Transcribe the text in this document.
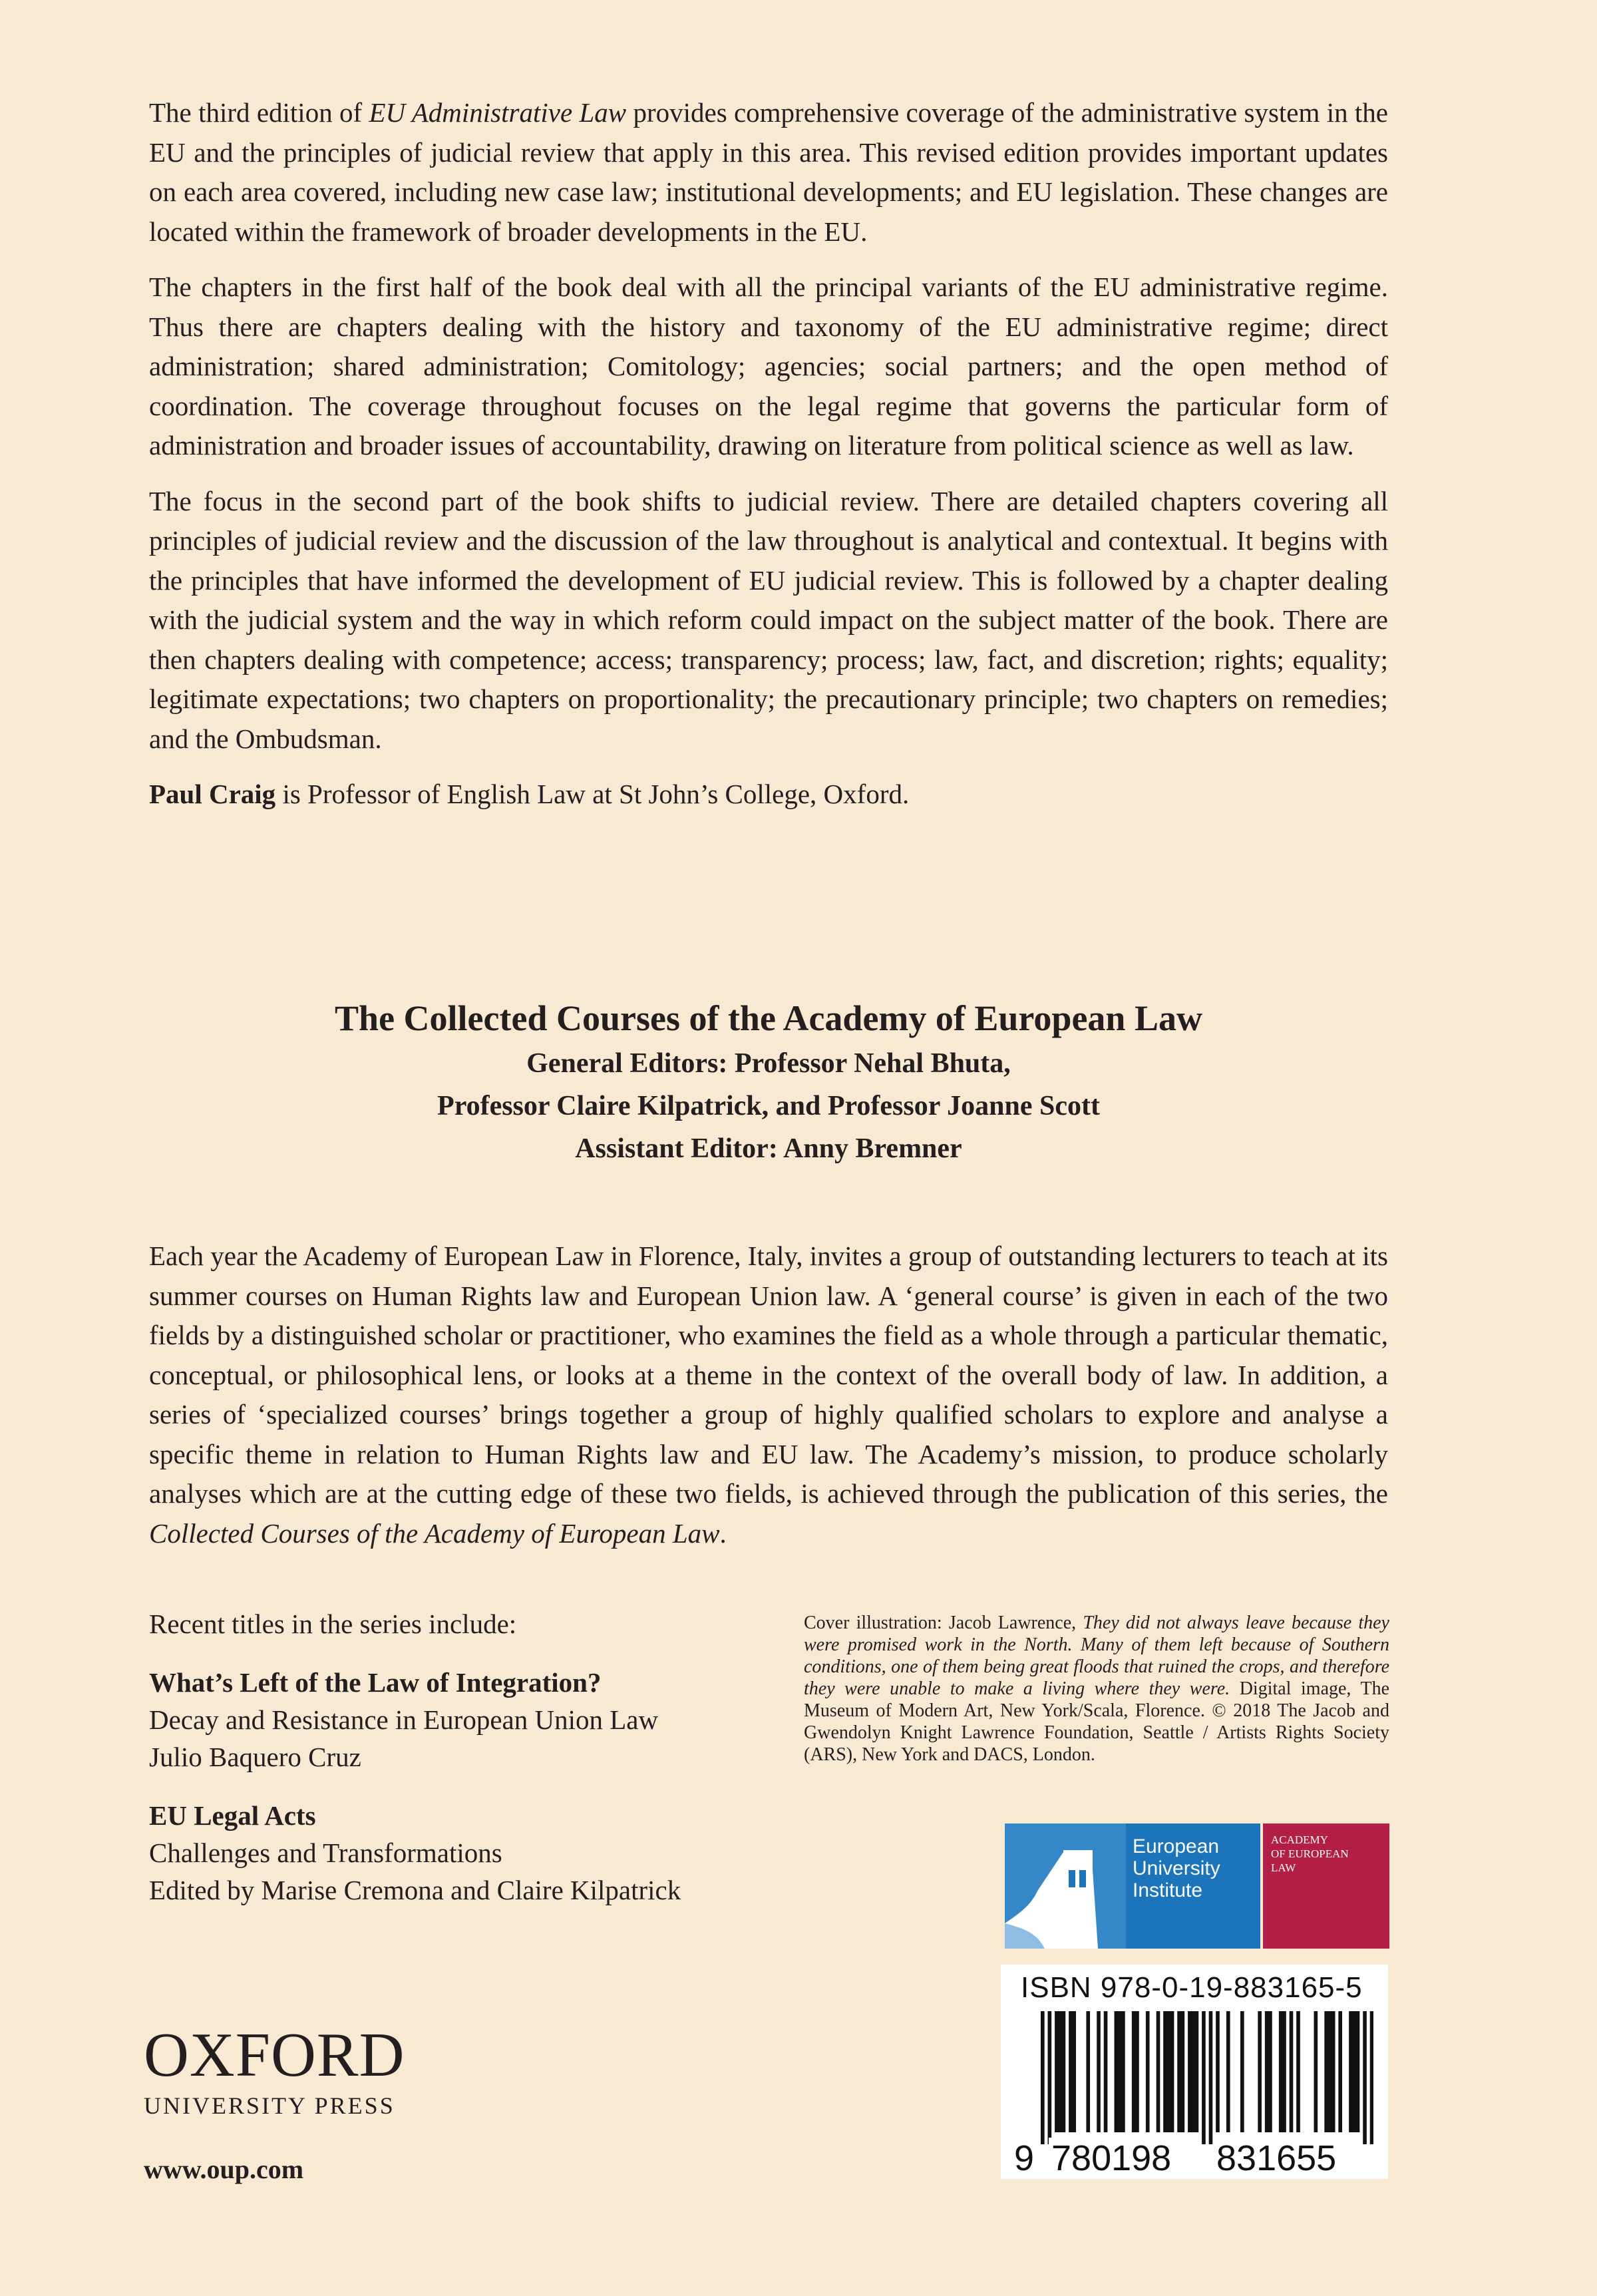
The third edition of EU Administrative Law provides comprehensive coverage of the administrative system in the EU and the principles of judicial review that apply in this area. This revised edition provides important updates on each area covered, including new case law; institutional developments; and EU legislation. These changes are located within the framework of broader developments in the EU.

The chapters in the first half of the book deal with all the principal variants of the EU administrative regime. Thus there are chapters dealing with the history and taxonomy of the EU administrative regime; direct administration; shared administration; Comitology; agencies; social partners; and the open method of coordination. The coverage throughout focuses on the legal regime that governs the particular form of administration and broader issues of accountability, drawing on literature from political science as well as law.

The focus in the second part of the book shifts to judicial review. There are detailed chapters covering all principles of judicial review and the discussion of the law throughout is analytical and contextual. It begins with the principles that have informed the development of EU judicial review. This is followed by a chapter dealing with the judicial system and the way in which reform could impact on the subject matter of the book. There are then chapters dealing with competence; access; transparency; process; law, fact, and discretion; rights; equality; legitimate expectations; two chapters on proportionality; the precautionary principle; two chapters on remedies; and the Ombudsman.

Paul Craig is Professor of English Law at St John’s College, Oxford.

The Collected Courses of the Academy of European Law

General Editors: Professor Nehal Bhuta,

Professor Claire Kilpatrick, and Professor Joanne Scott

Assistant Editor: Anny Bremner

Each year the Academy of European Law in Florence, Italy, invites a group of outstanding lecturers to teach at its summer courses on Human Rights law and European Union law. A ‘general course’ is given in each of the two fields by a distinguished scholar or practitioner, who examines the field as a whole through a particular thematic, conceptual, or philosophical lens, or looks at a theme in the context of the overall body of law. In addition, a series of ‘specialized courses’ brings together a group of highly qualified scholars to explore and analyse a specific theme in relation to Human Rights law and EU law. The Academy’s mission, to produce scholarly analyses which are at the cutting edge of these two fields, is achieved through the publication of this series, the Collected Courses of the Academy of European Law.

Recent titles in the series include:

What’s Left of the Law of Integration?

Decay and Resistance in European Union Law

Julio Baquero Cruz

EU Legal Acts

Challenges and Transformations

Edited by Marise Cremona and Claire Kilpatrick

Cover illustration: Jacob Lawrence, They did not always leave because they were promised work in the North. Many of them left because of Southern conditions, one of them being great floods that ruined the crops, and therefore they were unable to make a living where they were. Digital image, The Museum of Modern Art, New York/Scala, Florence. © 2018 The Jacob and Gwendolyn Knight Lawrence Foundation, Seattle / Artists Rights Society (ARS), New York and DACS, London.
European
University
Institute
ACADEMY
OF EUROPEAN
LAW
ISBN 978-0-19-883165-5
9 780198 831655
OXFORD
UNIVERSITY PRESS
www.oup.com
